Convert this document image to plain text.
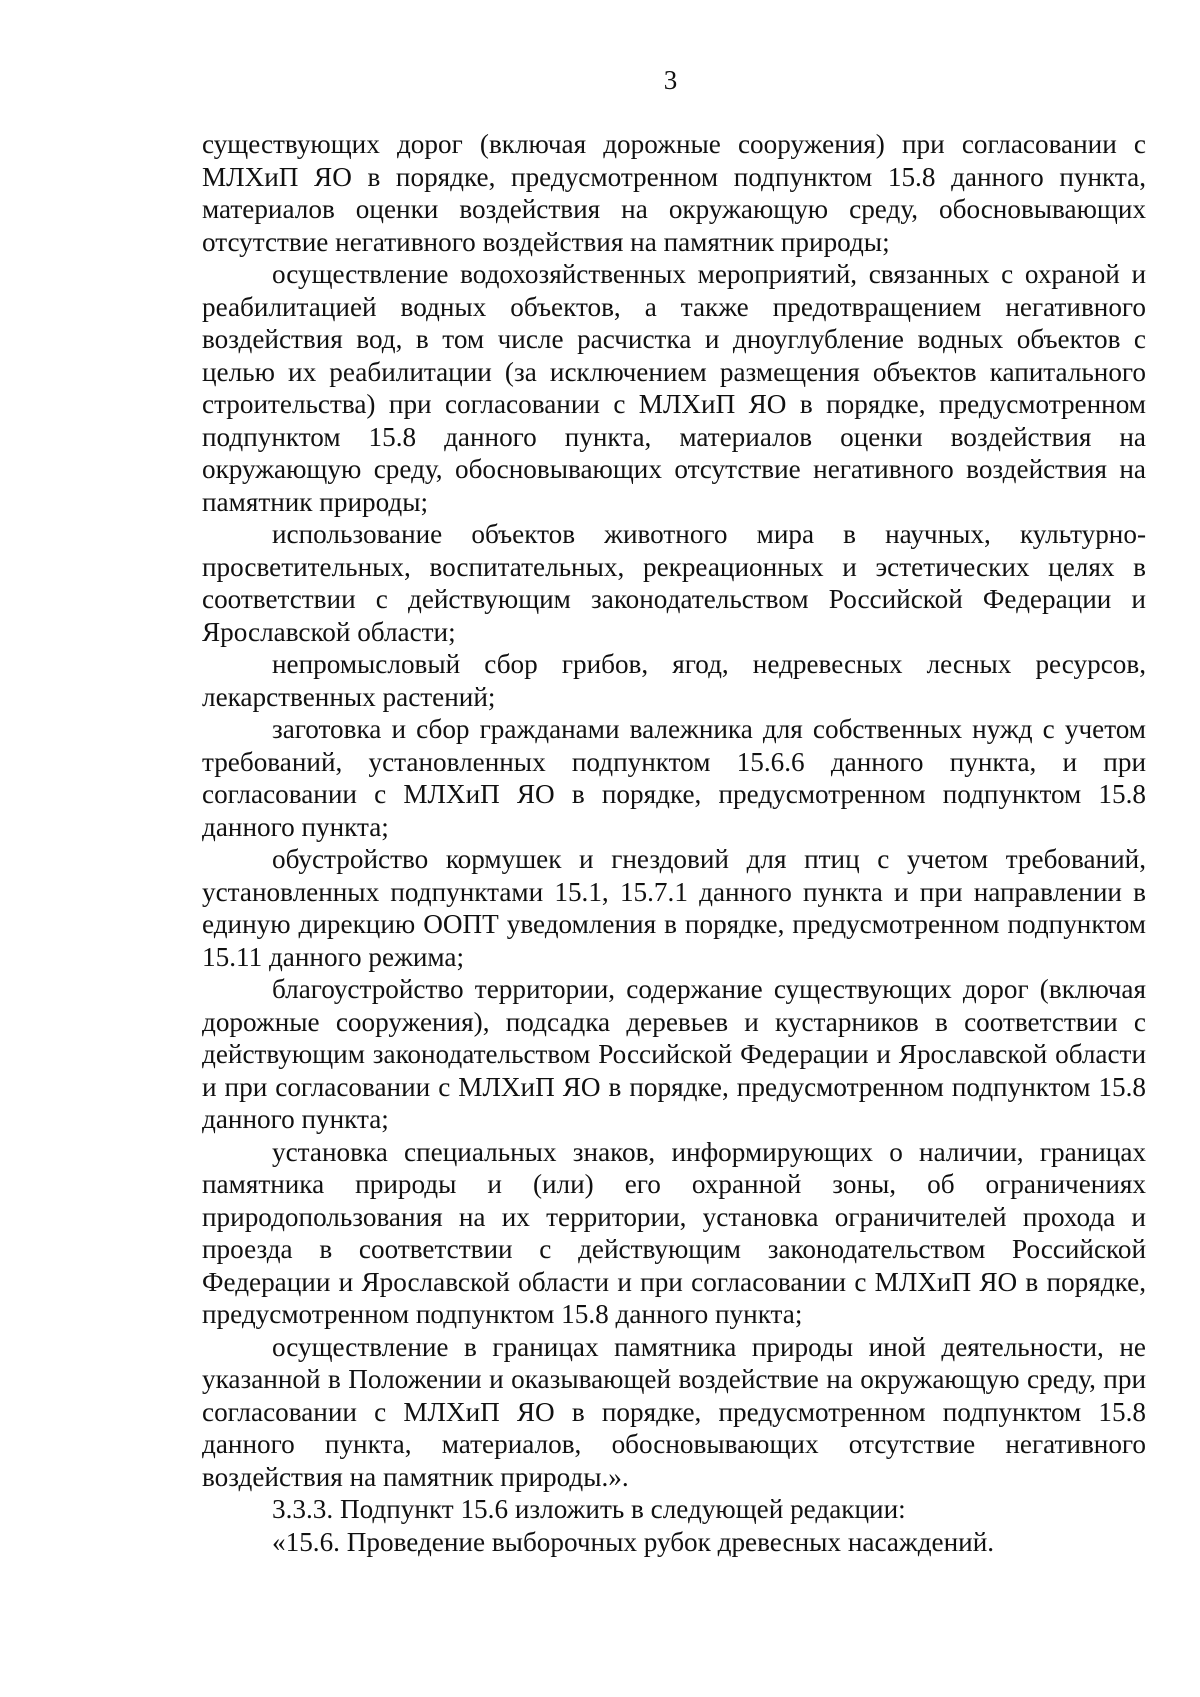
3

существующих дорог (включая дорожные сооружения) при согласовании с МЛХиП ЯО в порядке, предусмотренном подпунктом 15.8 данного пункта, материалов оценки воздействия на окружающую среду, обосновывающих отсутствие негативного воздействия на памятник природы;

осуществление водохозяйственных мероприятий, связанных с охраной и реабилитацией водных объектов, а также предотвращением негативного воздействия вод, в том числе расчистка и дноуглубление водных объектов с целью их реабилитации (за исключением размещения объектов капитального строительства) при согласовании с МЛХиП ЯО в порядке, предусмотренном подпунктом 15.8 данного пункта, материалов оценки воздействия на окружающую среду, обосновывающих отсутствие негативного воздействия на памятник природы;

использование объектов животного мира в научных, культурно-просветительных, воспитательных, рекреационных и эстетических целях в соответствии с действующим законодательством Российской Федерации и Ярославской области;

непромысловый сбор грибов, ягод, недревесных лесных ресурсов, лекарственных растений;

заготовка и сбор гражданами валежника для собственных нужд с учетом требований, установленных подпунктом 15.6.6 данного пункта, и при согласовании с МЛХиП ЯО в порядке, предусмотренном подпунктом 15.8 данного пункта;

обустройство кормушек и гнездовий для птиц с учетом требований, установленных подпунктами 15.1, 15.7.1 данного пункта и при направлении в единую дирекцию ООПТ уведомления в порядке, предусмотренном подпунктом 15.11 данного режима;

благоустройство территории, содержание существующих дорог (включая дорожные сооружения), подсадка деревьев и кустарников в соответствии с действующим законодательством Российской Федерации и Ярославской области и при согласовании с МЛХиП ЯО в порядке, предусмотренном подпунктом 15.8 данного пункта;

установка специальных знаков, информирующих о наличии, границах памятника природы и (или) его охранной зоны, об ограничениях природопользования на их территории, установка ограничителей прохода и проезда в соответствии с действующим законодательством Российской Федерации и Ярославской области и при согласовании с МЛХиП ЯО в порядке, предусмотренном подпунктом 15.8 данного пункта;

осуществление в границах памятника природы иной деятельности, не указанной в Положении и оказывающей воздействие на окружающую среду, при согласовании с МЛХиП ЯО в порядке, предусмотренном подпунктом 15.8 данного пункта, материалов, обосновывающих отсутствие негативного воздействия на памятник природы.».

3.3.3. Подпункт 15.6 изложить в следующей редакции:

«15.6. Проведение выборочных рубок древесных насаждений.
